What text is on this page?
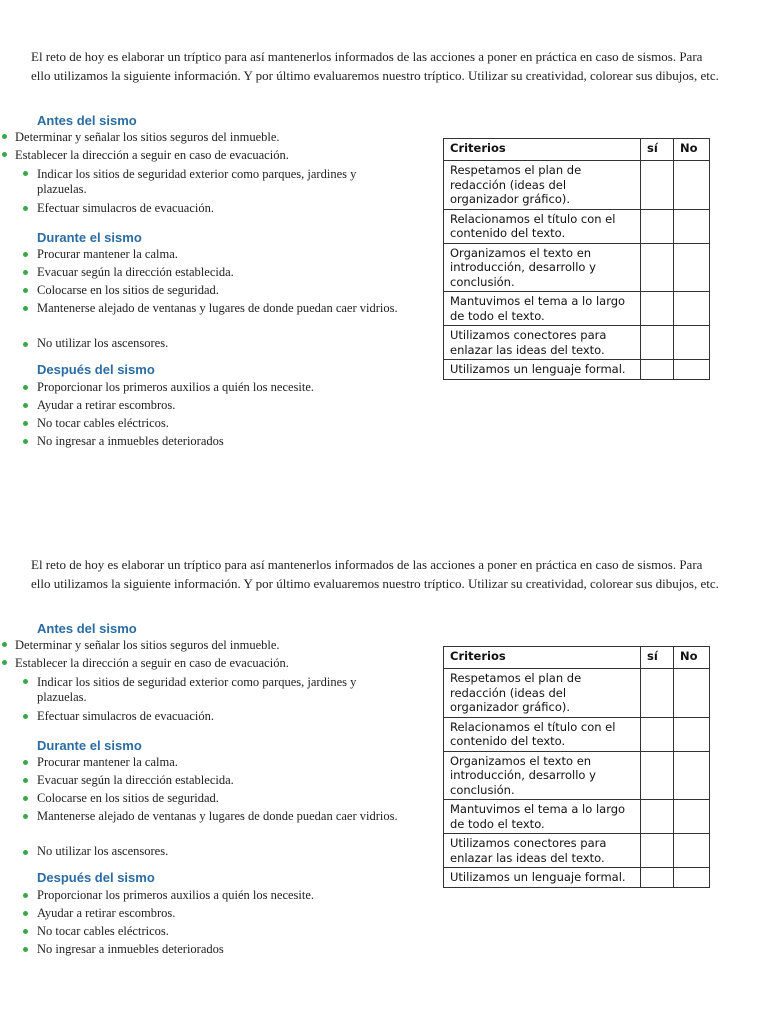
El reto de hoy es elaborar un tríptico para así mantenerlos informados de las acciones a poner en práctica en caso de sismos. Para ello utilizamos la siguiente información. Y por último evaluaremos nuestro tríptico. Utilizar su creatividad, colorear sus dibujos, etc.

Antes del sismo

Determinar y señalar los sitios seguros del inmueble.

Establecer la dirección a seguir en caso de evacuación.

Indicar los sitios de seguridad exterior como parques, jardines y plazuelas.

Efectuar simulacros de evacuación.

Durante el sismo

Procurar mantener la calma.

Evacuar según la dirección establecida.

Colocarse en los sitios de seguridad.

Mantenerse alejado de ventanas y lugares de donde puedan caer vidrios.

No utilizar los ascensores.

Después del sismo

Proporcionar los primeros auxilios a quién los necesite.

Ayudar a retirar escombros.

No tocar cables eléctricos.

No ingresar a inmuebles deteriorados

Criterios	sí	No
Respetamos el plan de redacción (ideas del organizador gráfico).		
Relacionamos el título con el contenido del texto.		
Organizamos el texto en introducción, desarrollo y conclusión.		
Mantuvimos el tema a lo largo de todo el texto.		
Utilizamos conectores para enlazar las ideas del texto.		
Utilizamos un lenguaje formal.		

El reto de hoy es elaborar un tríptico para así mantenerlos informados de las acciones a poner en práctica en caso de sismos. Para ello utilizamos la siguiente información. Y por último evaluaremos nuestro tríptico. Utilizar su creatividad, colorear sus dibujos, etc.

Antes del sismo

Determinar y señalar los sitios seguros del inmueble.

Establecer la dirección a seguir en caso de evacuación.

Indicar los sitios de seguridad exterior como parques, jardines y plazuelas.

Efectuar simulacros de evacuación.

Durante el sismo

Procurar mantener la calma.

Evacuar según la dirección establecida.

Colocarse en los sitios de seguridad.

Mantenerse alejado de ventanas y lugares de donde puedan caer vidrios.

No utilizar los ascensores.

Después del sismo

Proporcionar los primeros auxilios a quién los necesite.

Ayudar a retirar escombros.

No tocar cables eléctricos.

No ingresar a inmuebles deteriorados

Criterios	sí	No
Respetamos el plan de redacción (ideas del organizador gráfico).		
Relacionamos el título con el contenido del texto.		
Organizamos el texto en introducción, desarrollo y conclusión.		
Mantuvimos el tema a lo largo de todo el texto.		
Utilizamos conectores para enlazar las ideas del texto.		
Utilizamos un lenguaje formal.		
